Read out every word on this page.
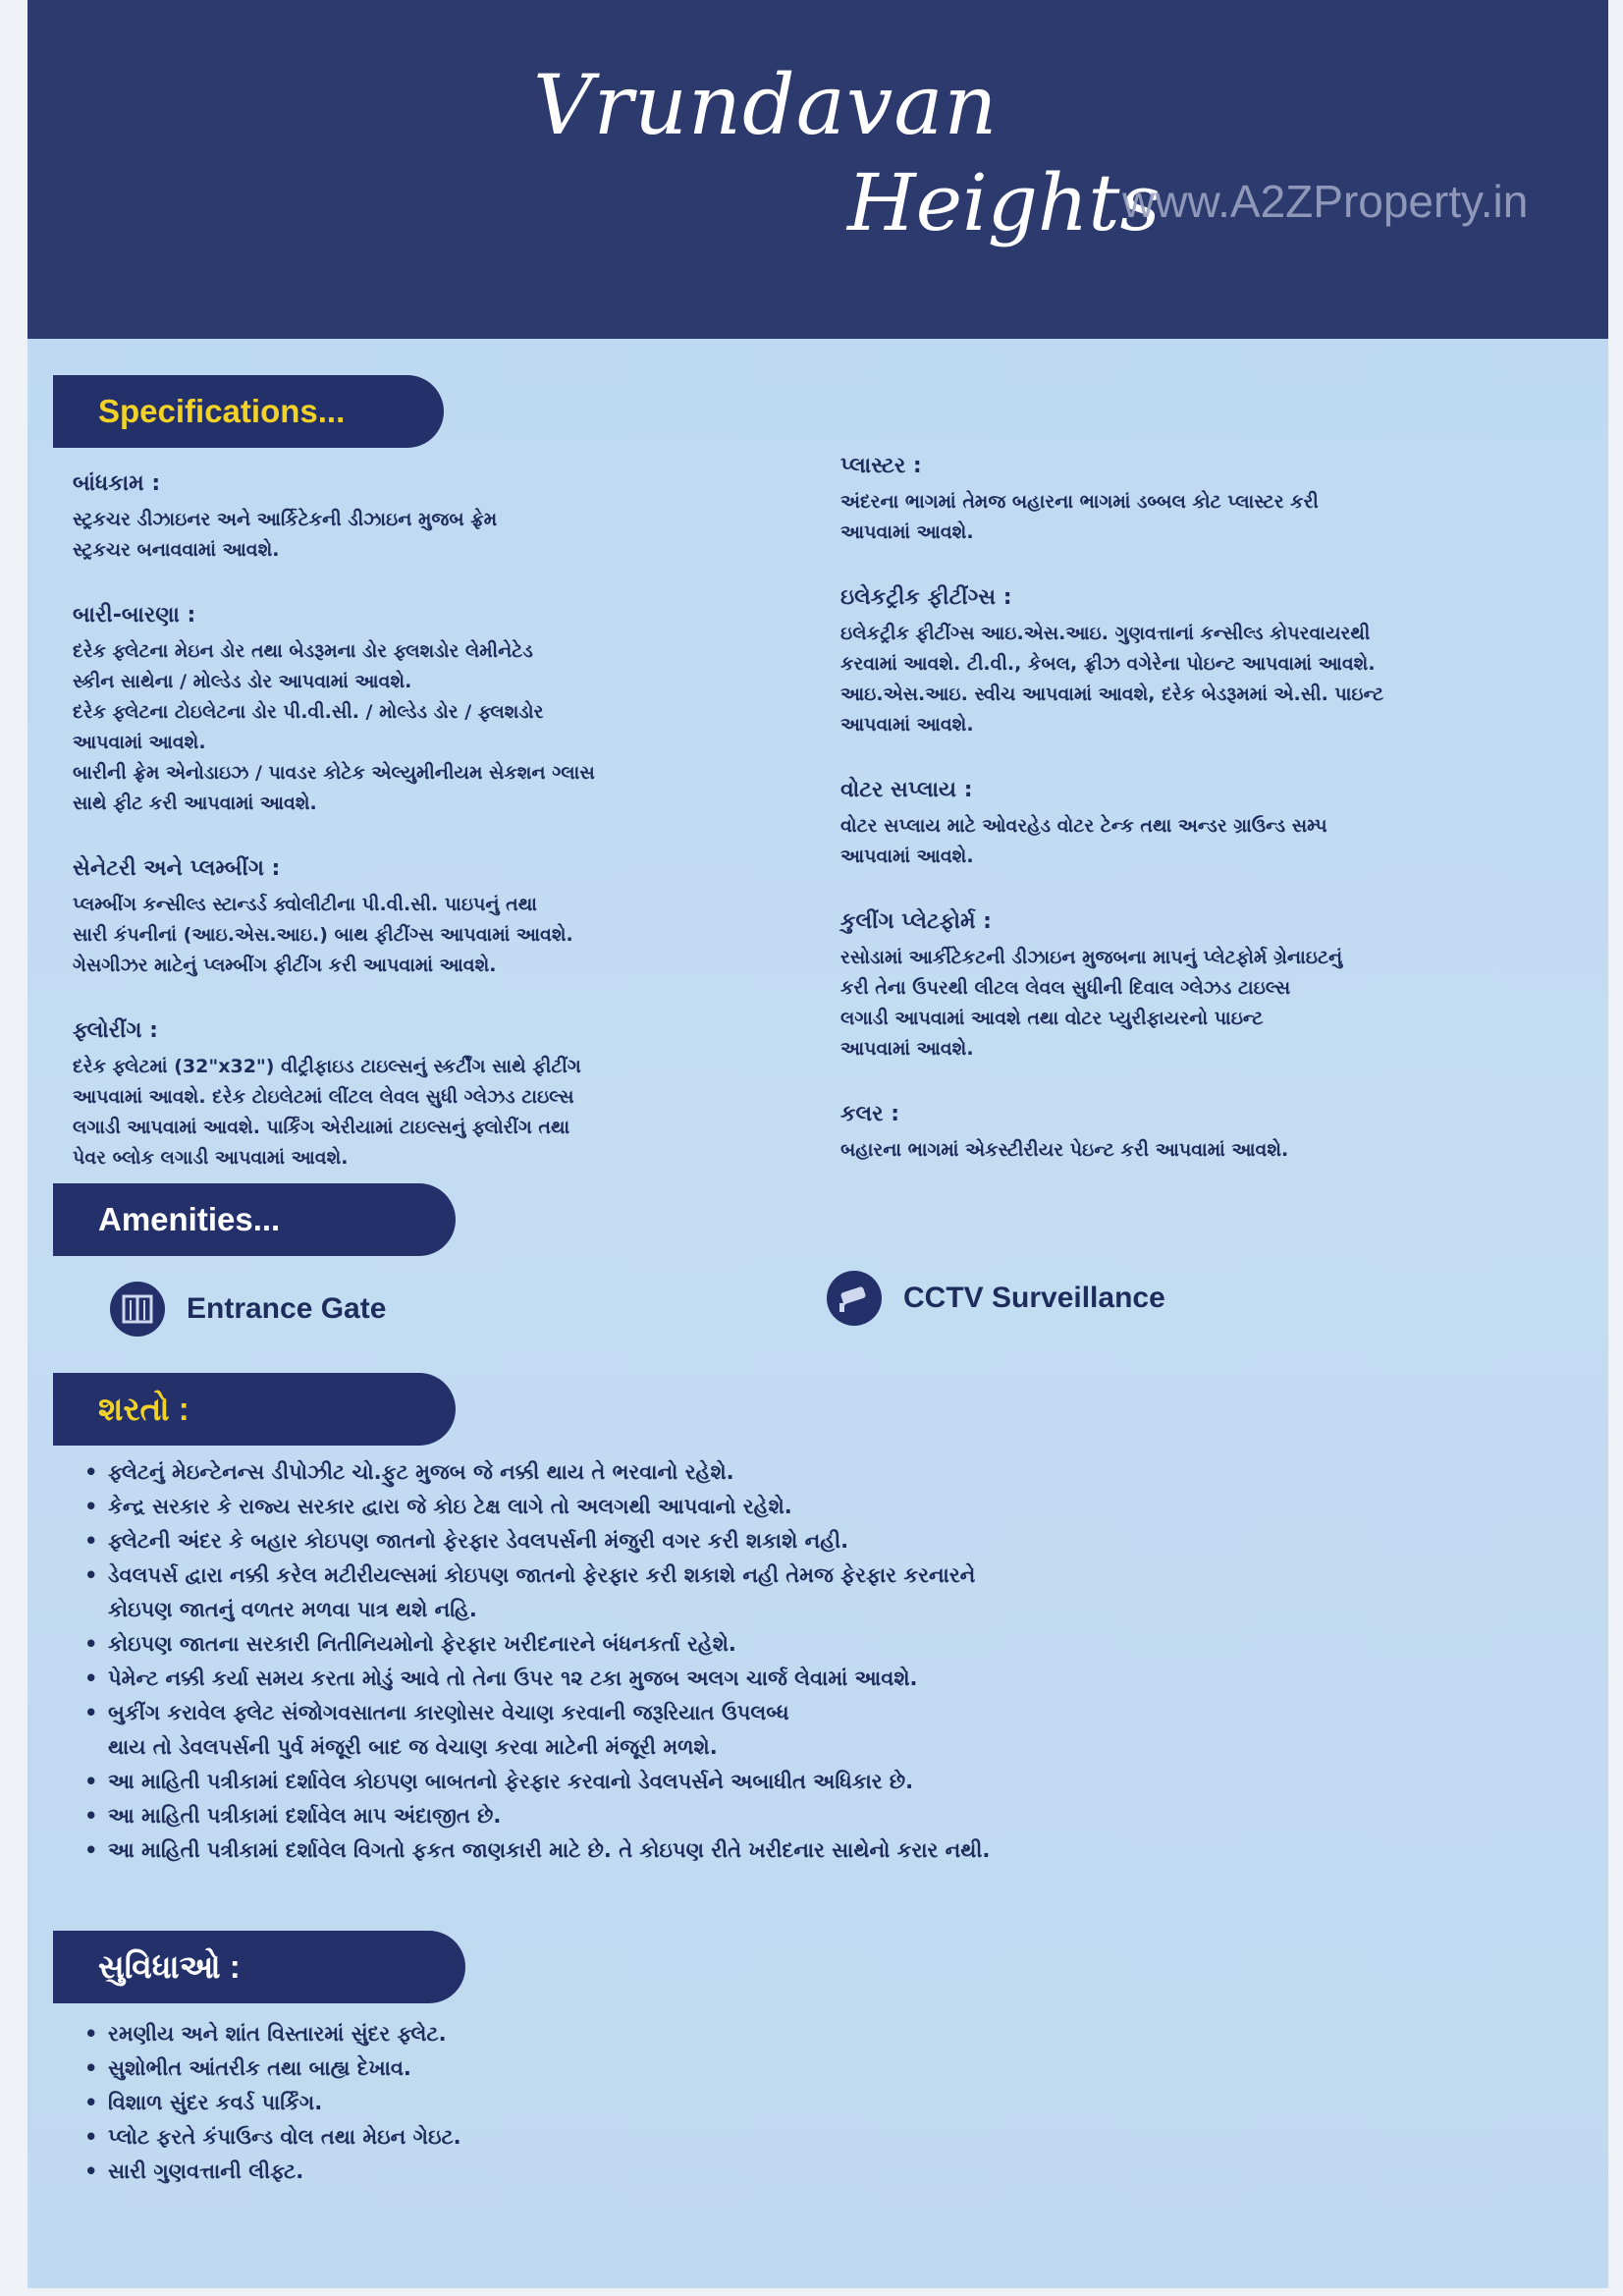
Vrundavan
Heights
www.A2ZProperty.in
Specifications...
બાંધકામ :
સ્ટ્રકચર ડીઝાઇનર અને આર્કિટેકની ડીઝાઇન મુજબ ફ્રેમ
સ્ટ્રકચર બનાવવામાં આવશે.
બારી-બારણા :
દરેક ફ્લેટના મેઇન ડોર તથા બેડરૂમના ડોર ફ્લશડોર લેમીનેટેડ
સ્કીન સાથેના / મોલ્ડેડ ડોર આપવામાં આવશે.
દરેક ફ્લેટના ટોઇલેટના ડોર પી.વી.સી. / મોલ્ડેડ ડોર / ફ્લશડોર
આપવામાં આવશે.
બારીની ફ્રેમ એનોડાઇઝ / પાવડર કોટેક એલ્યુમીનીયમ સેકશન ગ્લાસ
સાથે ફીટ કરી આપવામાં આવશે.
સેનેટરી અને પ્લમ્બીંગ :
પ્લમ્બીંગ કન્સીલ્ડ સ્ટાન્ડર્ડ ક્વોલીટીના પી.વી.સી. પાઇપનું તથા
સારી કંપનીનાં (આઇ.એસ.આઇ.) બાથ ફીટીંગ્સ આપવામાં આવશે.
ગેસગીઝર માટેનું પ્લમ્બીંગ ફીટીંગ કરી આપવામાં આવશે.
ફ્લોરીંગ :
દરેક ફ્લેટમાં (32"x32") વીટ્રીફાઇડ ટાઇલ્સનું સ્કર્ટીંગ સાથે ફીટીંગ
આપવામાં આવશે. દરેક ટોઇલેટમાં લીંટલ લેવલ સુધી ગ્લેઝડ ટાઇલ્સ
લગાડી આપવામાં આવશે. પાર્કિંગ એરીયામાં ટાઇલ્સનું ફ્લોરીંગ તથા
પેવર બ્લોક લગાડી આપવામાં આવશે.
પ્લાસ્ટર :
અંદરના ભાગમાં તેમજ બહારના ભાગમાં ડબ્બલ કોટ પ્લાસ્ટર કરી
આપવામાં આવશે.
ઇલેકટ્રીક ફીટીંગ્સ :
ઇલેકટ્રીક ફીટીંગ્સ આઇ.એસ.આઇ. ગુણવત્તાનાં કન્સીલ્ડ કોપરવાયરથી
કરવામાં આવશે. ટી.વી., કેબલ, ફ્રીઝ વગેરેના પોઇન્ટ આપવામાં આવશે.
આઇ.એસ.આઇ. સ્વીચ આપવામાં આવશે, દરેક બેડરૂમમાં એ.સી. પાઇન્ટ
આપવામાં આવશે.
વોટર સપ્લાય :
વોટર સપ્લાય માટે ઓવરહેડ વોટર ટેન્ક તથા અન્ડર ગ્રાઉન્ડ સમ્પ
આપવામાં આવશે.
કુલીંગ પ્લેટફોર્મ :
રસોડામાં આર્કીટેકટની ડીઝાઇન મુજબના માપનું પ્લેટફોર્મ ગ્રેનાઇટનું
કરી તેના ઉપરથી લીટલ લેવલ સુધીની દિવાલ ગ્લેઝડ ટાઇલ્સ
લગાડી આપવામાં આવશે તથા વોટર પ્યુરીફાયરનો પાઇન્ટ
આપવામાં આવશે.
કલર :
બહારના ભાગમાં એકસ્ટીરીયર પેઇન્ટ કરી આપવામાં આવશે.
Amenities...
Entrance Gate	CCTV Surveillance
શરતો :
• ફ્લેટનું મેઇન્ટેનન્સ ડીપોઝીટ ચો.ફુટ મુજબ જે નક્કી થાય તે ભરવાનો રહેશે.
• કેન્દ્ર સરકાર કે રાજ્ય સરકાર દ્વારા જે કોઇ ટેક્ષ લાગે તો અલગથી આપવાનો રહેશે.
• ફ્લેટની અંદર કે બહાર કોઇપણ જાતનો ફેરફાર ડેવલપર્સની મંજુરી વગર કરી શકાશે નહી.
• ડેવલપર્સ દ્વારા નક્કી કરેલ મટીરીયલ્સમાં કોઇપણ જાતનો ફેરફાર કરી શકાશે નહી તેમજ ફેરફાર કરનારને
કોઇપણ જાતનું વળતર મળવા પાત્ર થશે નહિ.
• કોઇપણ જાતના સરકારી નિતીનિયમોનો ફેરફાર ખરીદનારને બંધનકર્તા રહેશે.
• પેમેન્ટ નક્કી કર્યા સમય કરતા મોડું આવે તો તેના ઉપર ૧૨ ટકા મુજબ અલગ ચાર્જ લેવામાં આવશે.
• બુકીંગ કરાવેલ ફ્લેટ સંજોગવસાતના કારણોસર વેચાણ કરવાની જરૂરિયાત ઉપલબ્ધ
થાય તો ડેવલપર્સની પુર્વ મંજૂરી બાદ જ વેચાણ કરવા માટેની મંજૂરી મળશે.
• આ માહિતી પત્રીકામાં દર્શાવેલ કોઇપણ બાબતનો ફેરફાર કરવાનો ડેવલપર્સને અબાધીત અધિકાર છે.
• આ માહિતી પત્રીકામાં દર્શાવેલ માપ અંદાજીત છે.
• આ માહિતી પત્રીકામાં દર્શાવેલ વિગતો ફકત જાણકારી માટે છે. તે કોઇપણ રીતે ખરીદનાર સાથેનો કરાર નથી.
સુવિધાઓ :
• રમણીય અને શાંત વિસ્તારમાં સુંદર ફ્લેટ.
• સુશોભીત આંતરીક તથા બાહ્ય દેખાવ.
• વિશાળ સુંદર કવર્ડ પાર્કિંગ.
• પ્લોટ ફરતે કંપાઉન્ડ વોલ તથા મેઇન ગેઇટ.
• સારી ગુણવત્તાની લીફ્ટ.
